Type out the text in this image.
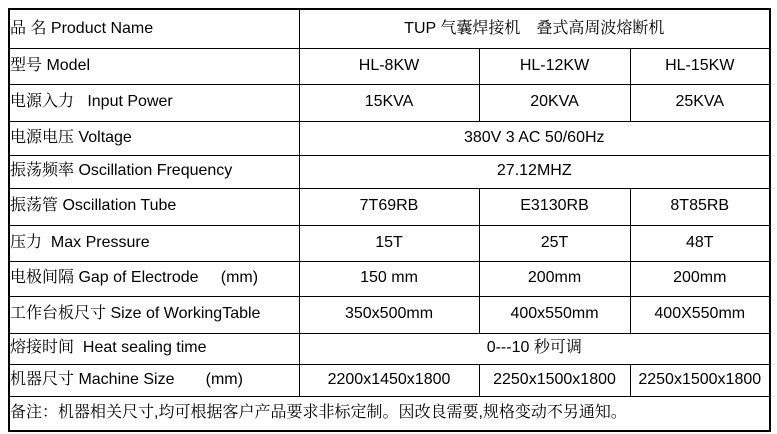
品 名 Product Name	TUP 气囊焊接机　叠式高周波熔断机		
型号 Model	HL-8KW	HL-12KW	HL-15KW
电源入力   Input Power	15KVA	20KVA	25KVA
电源电压 Voltage	380V 3 AC 50/60Hz		
振荡频率 Oscillation Frequency	27.12MHZ		
振荡管 Oscillation Tube	7T69RB	E3130RB	8T85RB
压力  Max Pressure	15T	25T	48T
电极间隔 Gap of Electrode     (mm)	150 mm	200mm	200mm
工作台板尺寸 Size of WorkingTable	350x500mm	400x550mm	400X550mm
熔接时间  Heat sealing time	0---10 秒可调		
机器尺寸 Machine Size       (mm)	2200x1450x1800	2250x1500x1800	2250x1500x1800
备注：机器相关尺寸,均可根据客户产品要求非标定制。因改良需要,规格变动不另通知。			
